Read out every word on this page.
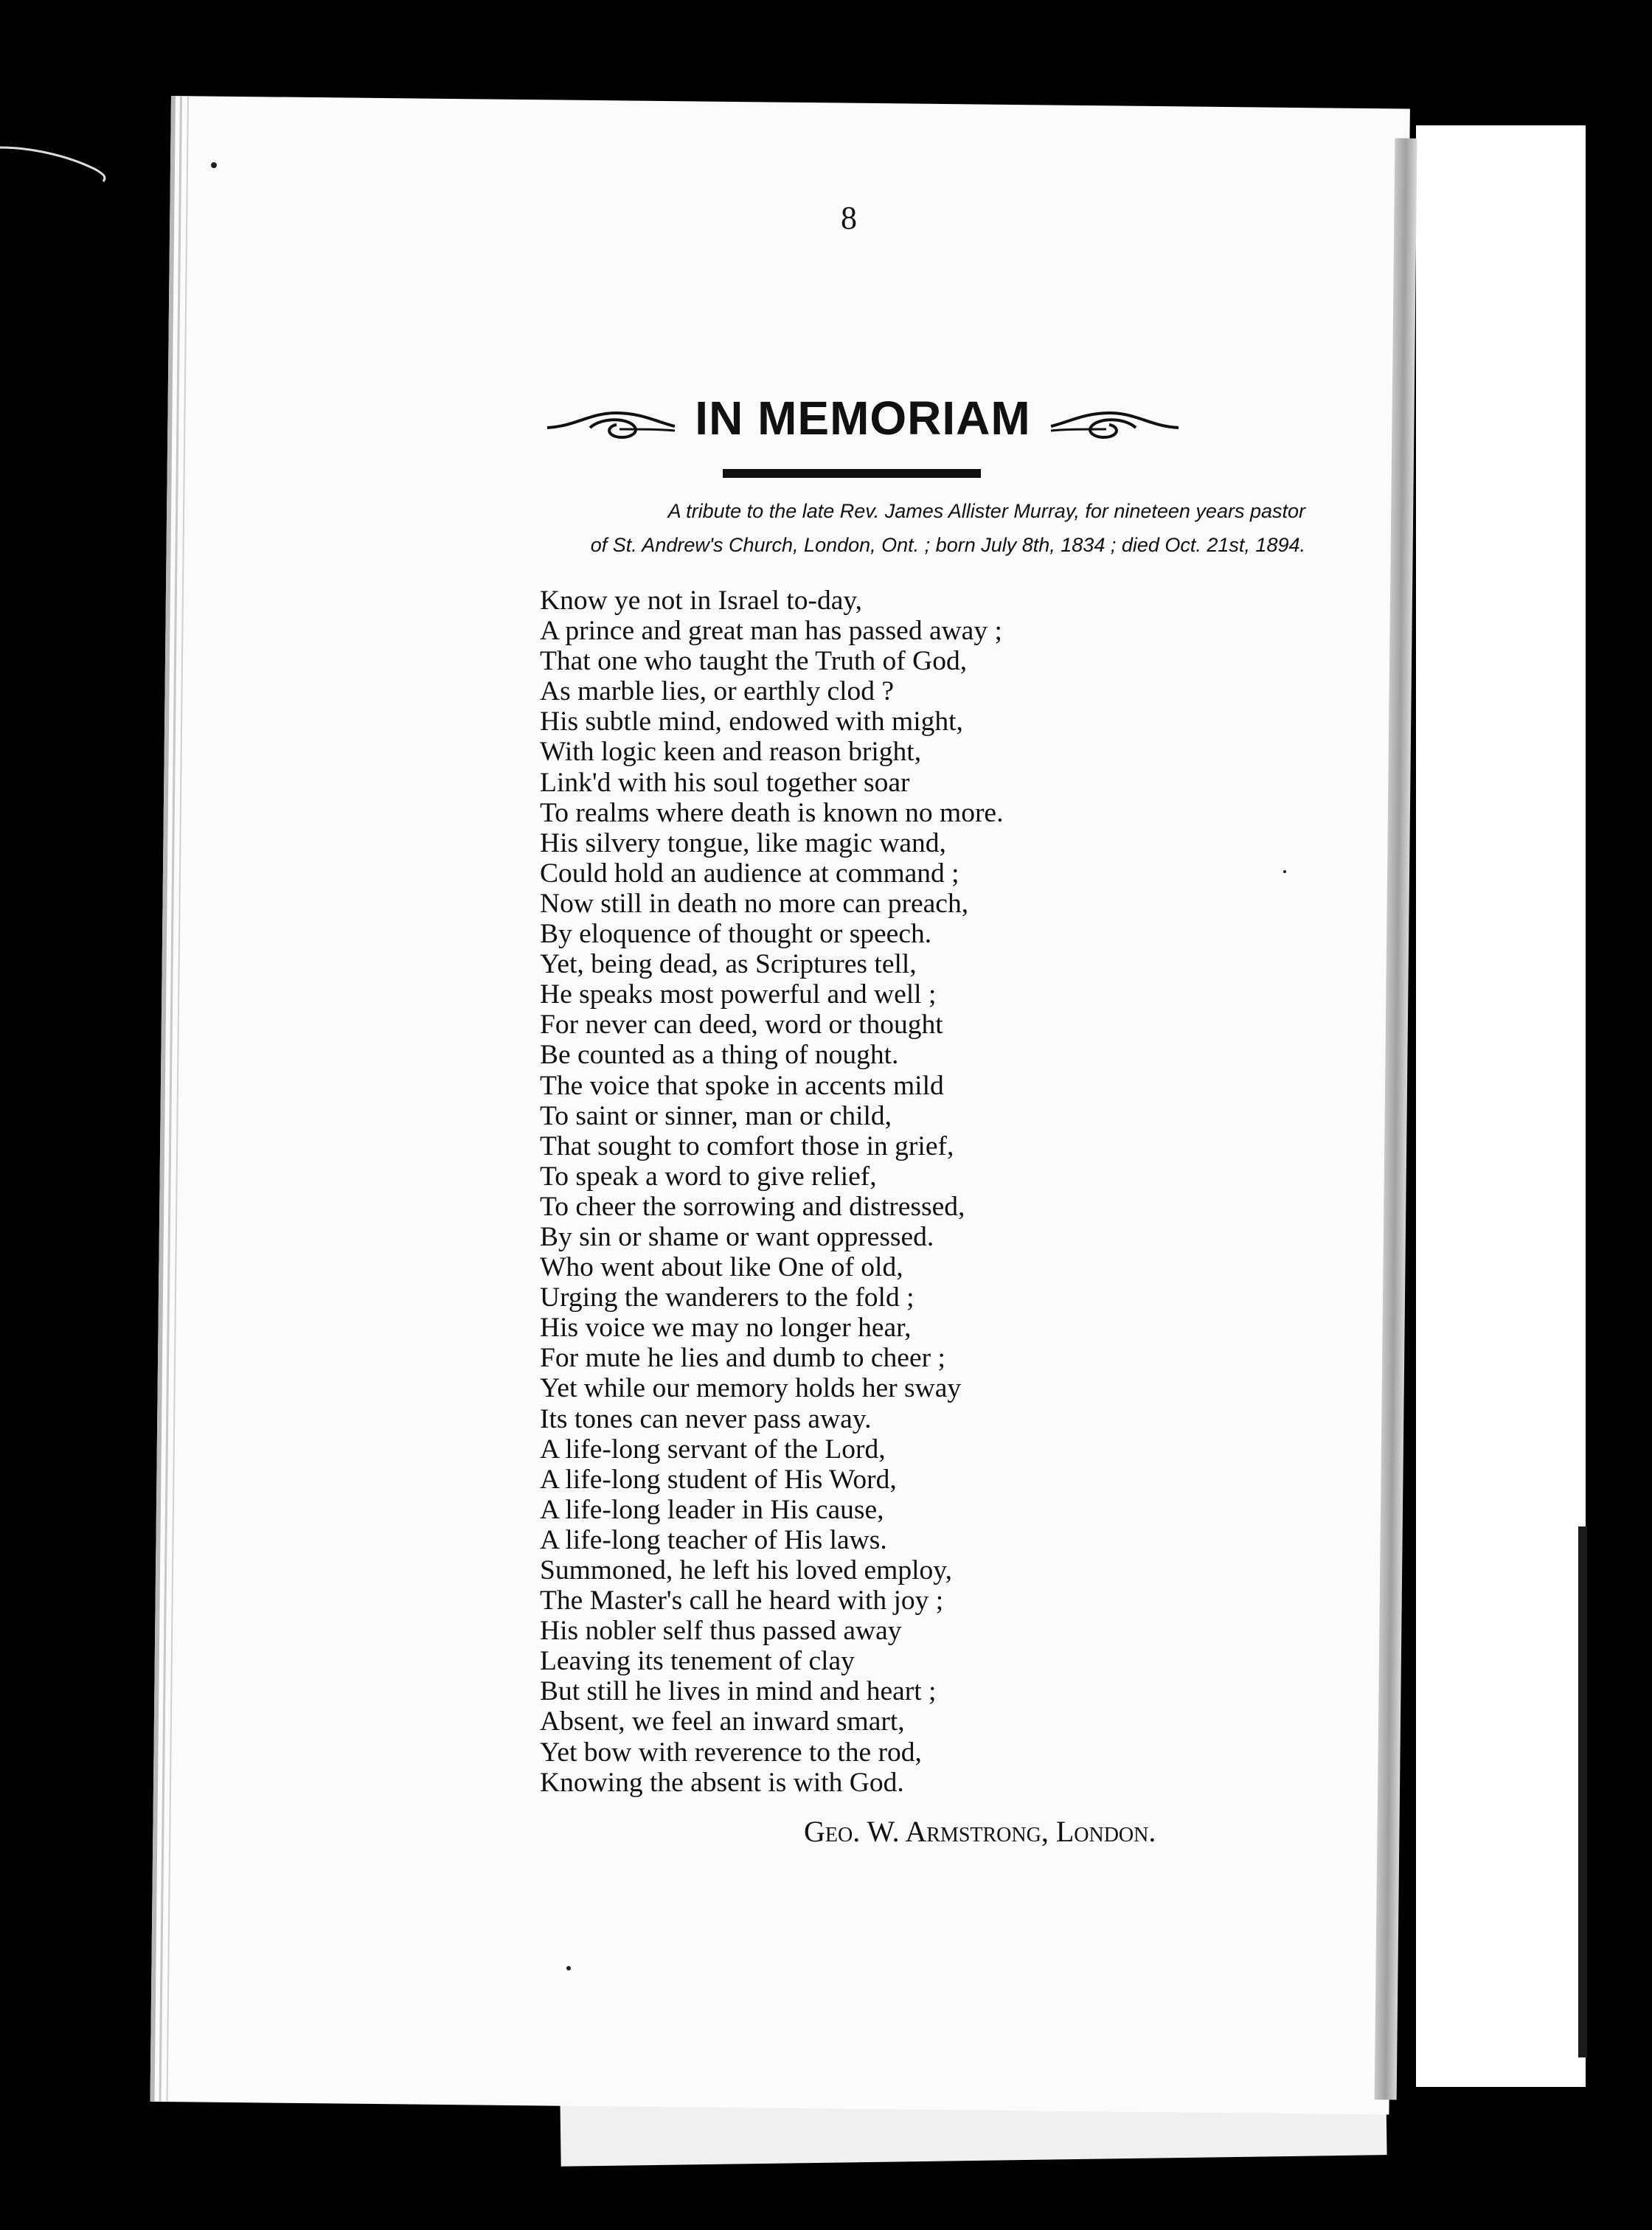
8
IN MEMORIAM
A tribute to the late Rev. James Allister Murray, for nineteen years pastor
of St. Andrew's Church, London, Ont. ; born July 8th, 1834 ; died Oct. 21st, 1894.
Know ye not in Israel to-day,
A prince and great man has passed away ;
That one who taught the Truth of God,
As marble lies, or earthly clod ?
His subtle mind, endowed with might,
With logic keen and reason bright,
Link'd with his soul together soar
To realms where death is known no more.
His silvery tongue, like magic wand,
Could hold an audience at command ;
Now still in death no more can preach,
By eloquence of thought or speech.
Yet, being dead, as Scriptures tell,
He speaks most powerful and well ;
For never can deed, word or thought
Be counted as a thing of nought.
The voice that spoke in accents mild
To saint or sinner, man or child,
That sought to comfort those in grief,
To speak a word to give relief,
To cheer the sorrowing and distressed,
By sin or shame or want oppressed.
Who went about like One of old,
Urging the wanderers to the fold ;
His voice we may no longer hear,
For mute he lies and dumb to cheer ;
Yet while our memory holds her sway
Its tones can never pass away.
A life-long servant of the Lord,
A life-long student of His Word,
A life-long leader in His cause,
A life-long teacher of His laws.
Summoned, he left his loved employ,
The Master's call he heard with joy ;
His nobler self thus passed away
Leaving its tenement of clay
But still he lives in mind and heart ;
Absent, we feel an inward smart,
Yet bow with reverence to the rod,
Knowing the absent is with God.
Geo. W. Armstrong, London.
